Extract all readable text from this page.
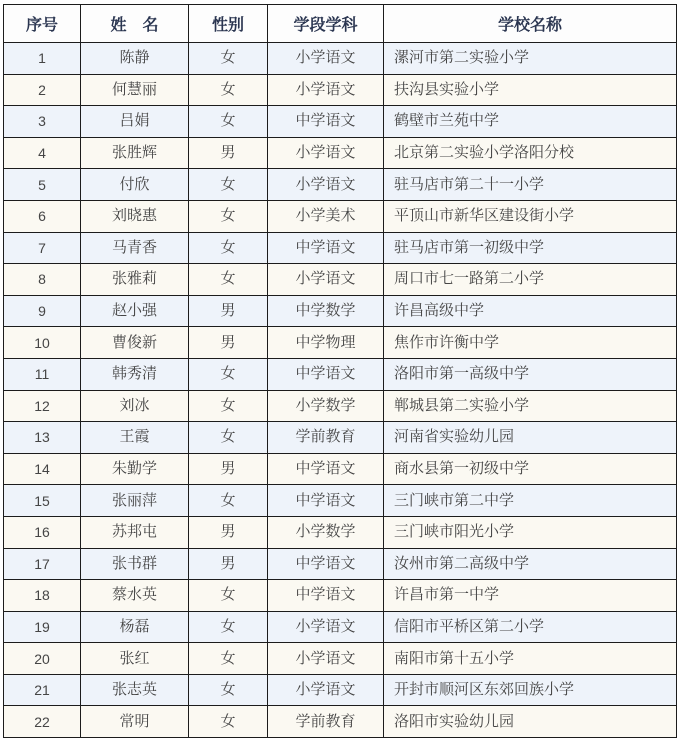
序号	姓　名	性别	学段学科	学校名称
1	陈静	女	小学语文	漯河市第二实验小学
2	何慧丽	女	小学语文	扶沟县实验小学
3	吕娟	女	中学语文	鹤壁市兰苑中学
4	张胜辉	男	小学语文	北京第二实验小学洛阳分校
5	付欣	女	小学语文	驻马店市第二十一小学
6	刘晓惠	女	小学美术	平顶山市新华区建设街小学
7	马青香	女	中学语文	驻马店市第一初级中学
8	张雅莉	女	小学语文	周口市七一路第二小学
9	赵小强	男	中学数学	许昌高级中学
10	曹俊新	男	中学物理	焦作市许衡中学
11	韩秀清	女	中学语文	洛阳市第一高级中学
12	刘冰	女	小学数学	郸城县第二实验小学
13	王霞	女	学前教育	河南省实验幼儿园
14	朱勤学	男	中学语文	商水县第一初级中学
15	张丽萍	女	中学语文	三门峡市第二中学
16	苏邦屯	男	小学数学	三门峡市阳光小学
17	张书群	男	中学语文	汝州市第二高级中学
18	蔡水英	女	中学语文	许昌市第一中学
19	杨磊	女	小学语文	信阳市平桥区第二小学
20	张红	女	小学语文	南阳市第十五小学
21	张志英	女	小学语文	开封市顺河区东郊回族小学
22	常明	女	学前教育	洛阳市实验幼儿园
